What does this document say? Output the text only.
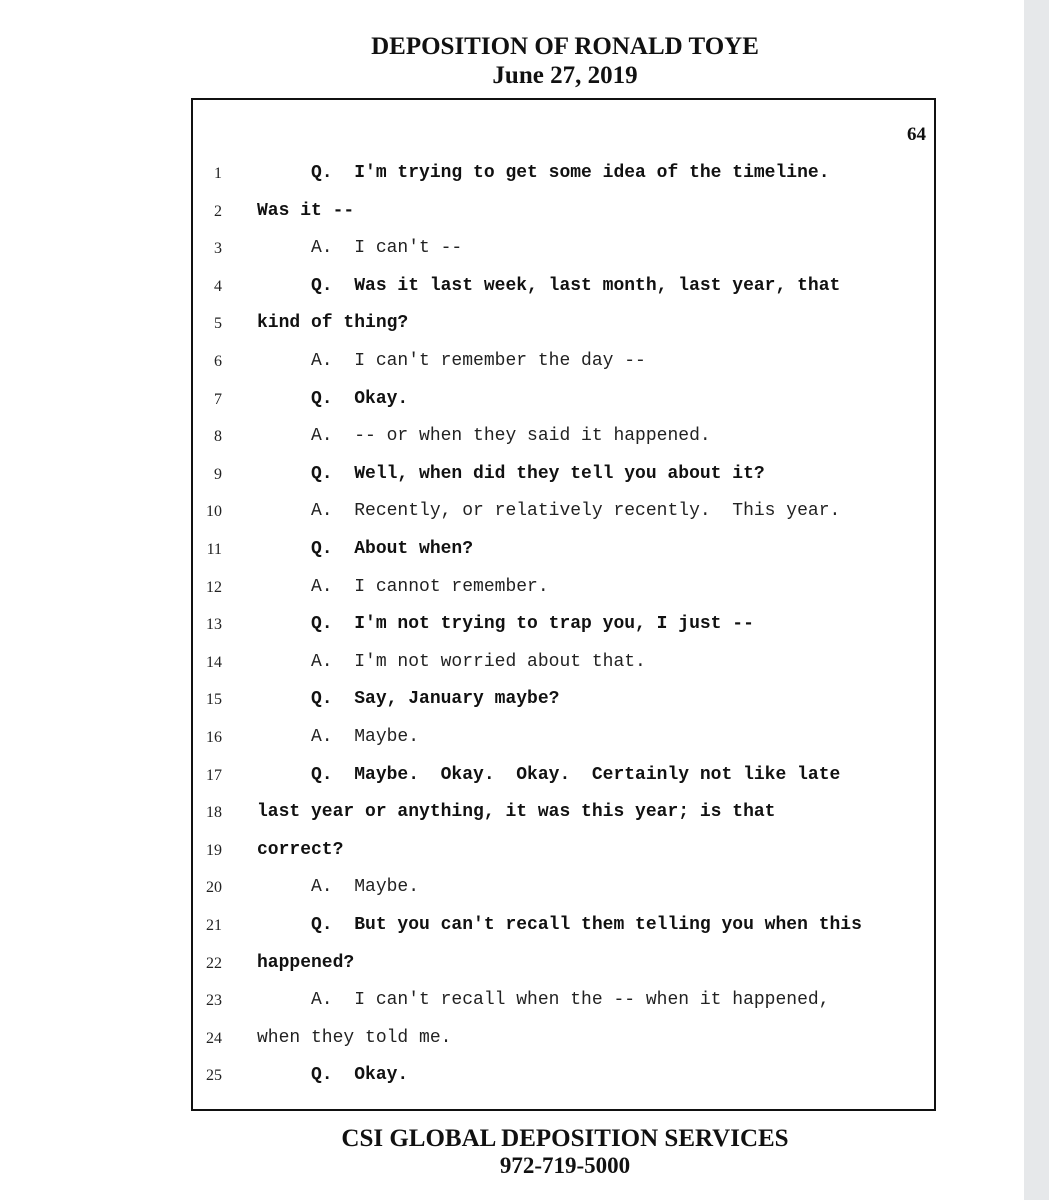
DEPOSITION OF RONALD TOYE
June 27, 2019
64
1 Q.  I'm trying to get some idea of the timeline.
2 Was it --
3 A.  I can't --
4 Q.  Was it last week, last month, last year, that
5 kind of thing?
6 A.  I can't remember the day --
7 Q.  Okay.
8 A.  -- or when they said it happened.
9 Q.  Well, when did they tell you about it?
10 A.  Recently, or relatively recently.  This year.
11 Q.  About when?
12 A.  I cannot remember.
13 Q.  I'm not trying to trap you, I just --
14 A.  I'm not worried about that.
15 Q.  Say, January maybe?
16 A.  Maybe.
17 Q.  Maybe.  Okay.  Okay.  Certainly not like late
18 last year or anything, it was this year; is that
19 correct?
20 A.  Maybe.
21 Q.  But you can't recall them telling you when this
22 happened?
23 A.  I can't recall when the -- when it happened,
24 when they told me.
25 Q.  Okay.
CSI GLOBAL DEPOSITION SERVICES
972-719-5000
